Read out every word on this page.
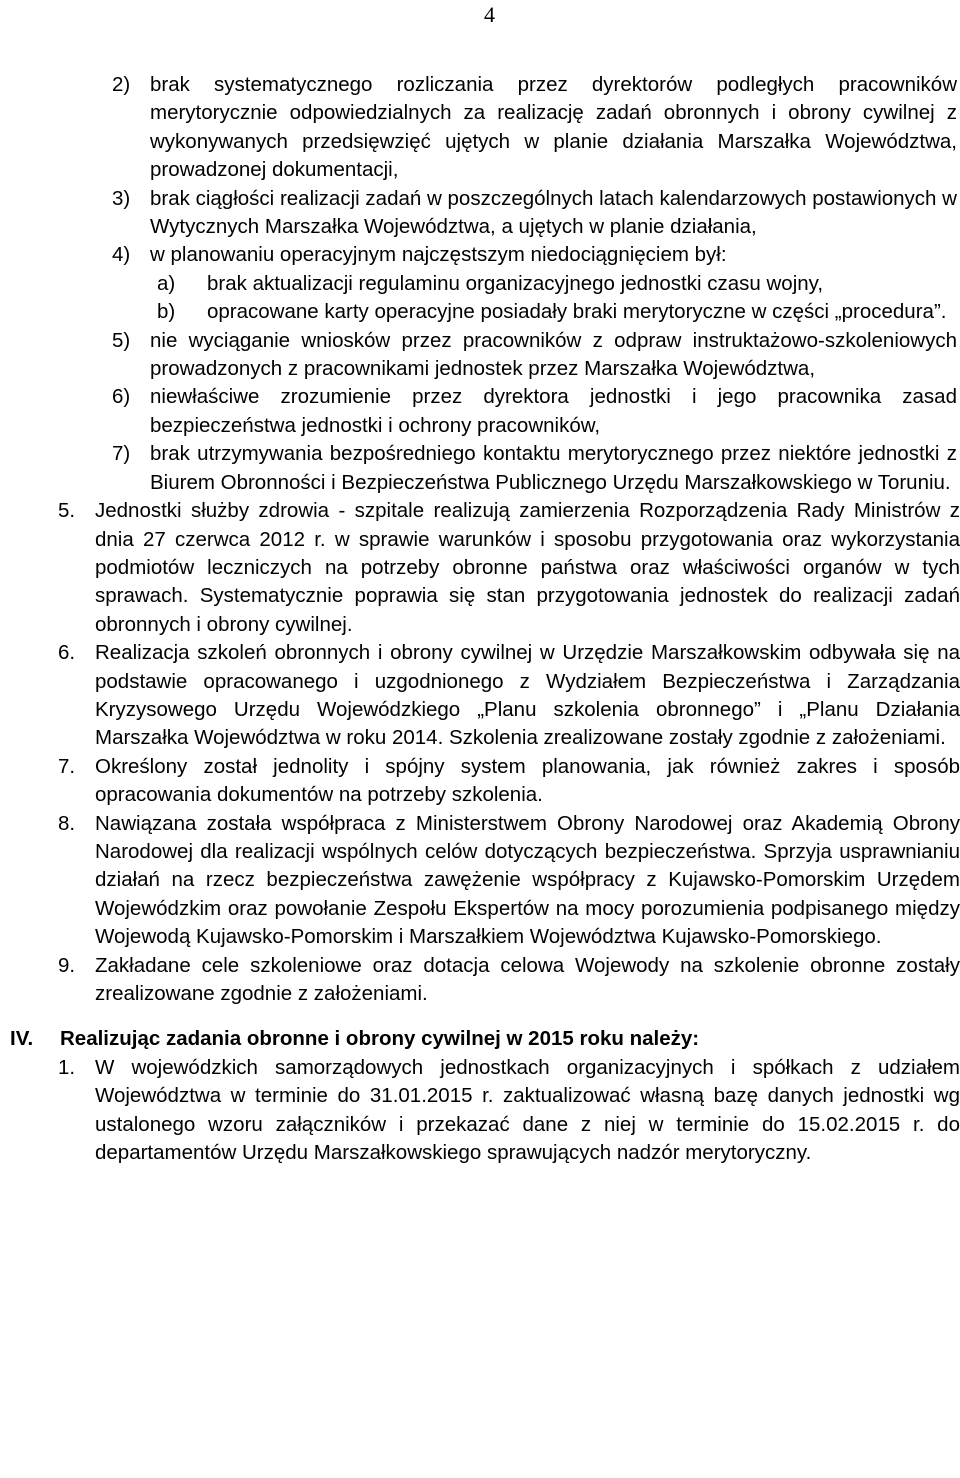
4
2) brak systematycznego rozliczania przez dyrektorów podległych pracowników merytorycznie odpowiedzialnych za realizację zadań obronnych i obrony cywilnej z wykonywanych przedsięwzięć ujętych w planie działania Marszałka Województwa, prowadzonej dokumentacji,
3) brak ciągłości realizacji zadań w poszczególnych latach kalendarzowych postawionych w Wytycznych Marszałka Województwa, a ujętych w planie działania,
4) w planowaniu operacyjnym najczęstszym niedociągnięciem był:
a)	brak aktualizacji regulaminu organizacyjnego jednostki czasu wojny,
b)	opracowane karty operacyjne posiadały braki merytoryczne w części „procedura”.
5) nie wyciąganie wniosków przez pracowników z odpraw instruktażowo-szkoleniowych prowadzonych z pracownikami jednostek przez Marszałka Województwa,
6) niewłaściwe zrozumienie przez dyrektora jednostki i jego pracownika zasad bezpieczeństwa jednostki i ochrony pracowników,
7) brak utrzymywania bezpośredniego kontaktu merytorycznego przez niektóre jednostki z Biurem Obronności i Bezpieczeństwa Publicznego Urzędu Marszałkowskiego w Toruniu.
5. Jednostki służby zdrowia - szpitale realizują zamierzenia Rozporządzenia Rady Ministrów z dnia 27 czerwca 2012 r. w sprawie warunków i sposobu przygotowania oraz wykorzystania podmiotów leczniczych na potrzeby obronne państwa oraz właściwości organów w tych sprawach. Systematycznie poprawia się stan przygotowania jednostek do realizacji zadań obronnych i obrony cywilnej.
6. Realizacja szkoleń obronnych i obrony cywilnej w Urzędzie Marszałkowskim odbywała się na podstawie opracowanego i uzgodnionego z Wydziałem Bezpieczeństwa i Zarządzania Kryzysowego Urzędu Wojewódzkiego „Planu szkolenia obronnego” i „Planu Działania Marszałka Województwa w roku 2014. Szkolenia zrealizowane zostały zgodnie z założeniami.
7. Określony został jednolity i spójny system planowania, jak również zakres i sposób opracowania dokumentów na potrzeby szkolenia.
8. Nawiązana została współpraca z Ministerstwem Obrony Narodowej oraz Akademią Obrony Narodowej dla realizacji wspólnych celów dotyczących bezpieczeństwa. Sprzyja usprawnianiu działań na rzecz bezpieczeństwa zawężenie współpracy z Kujawsko-Pomorskim Urzędem Wojewódzkim oraz powołanie Zespołu Ekspertów na mocy porozumienia podpisanego między Wojewodą Kujawsko-Pomorskim i Marszałkiem Województwa Kujawsko-Pomorskiego.
9. Zakładane cele szkoleniowe oraz dotacja celowa Wojewody na szkolenie obronne zostały zrealizowane zgodnie z założeniami.
IV.	Realizując zadania obronne i obrony cywilnej w 2015 roku należy:
1. W wojewódzkich samorządowych jednostkach organizacyjnych i spółkach z udziałem Województwa w terminie do 31.01.2015 r. zaktualizować własną bazę danych jednostki wg ustalonego wzoru załączników i przekazać dane z niej w terminie do 15.02.2015 r. do departamentów Urzędu Marszałkowskiego sprawujących nadzór merytoryczny.
